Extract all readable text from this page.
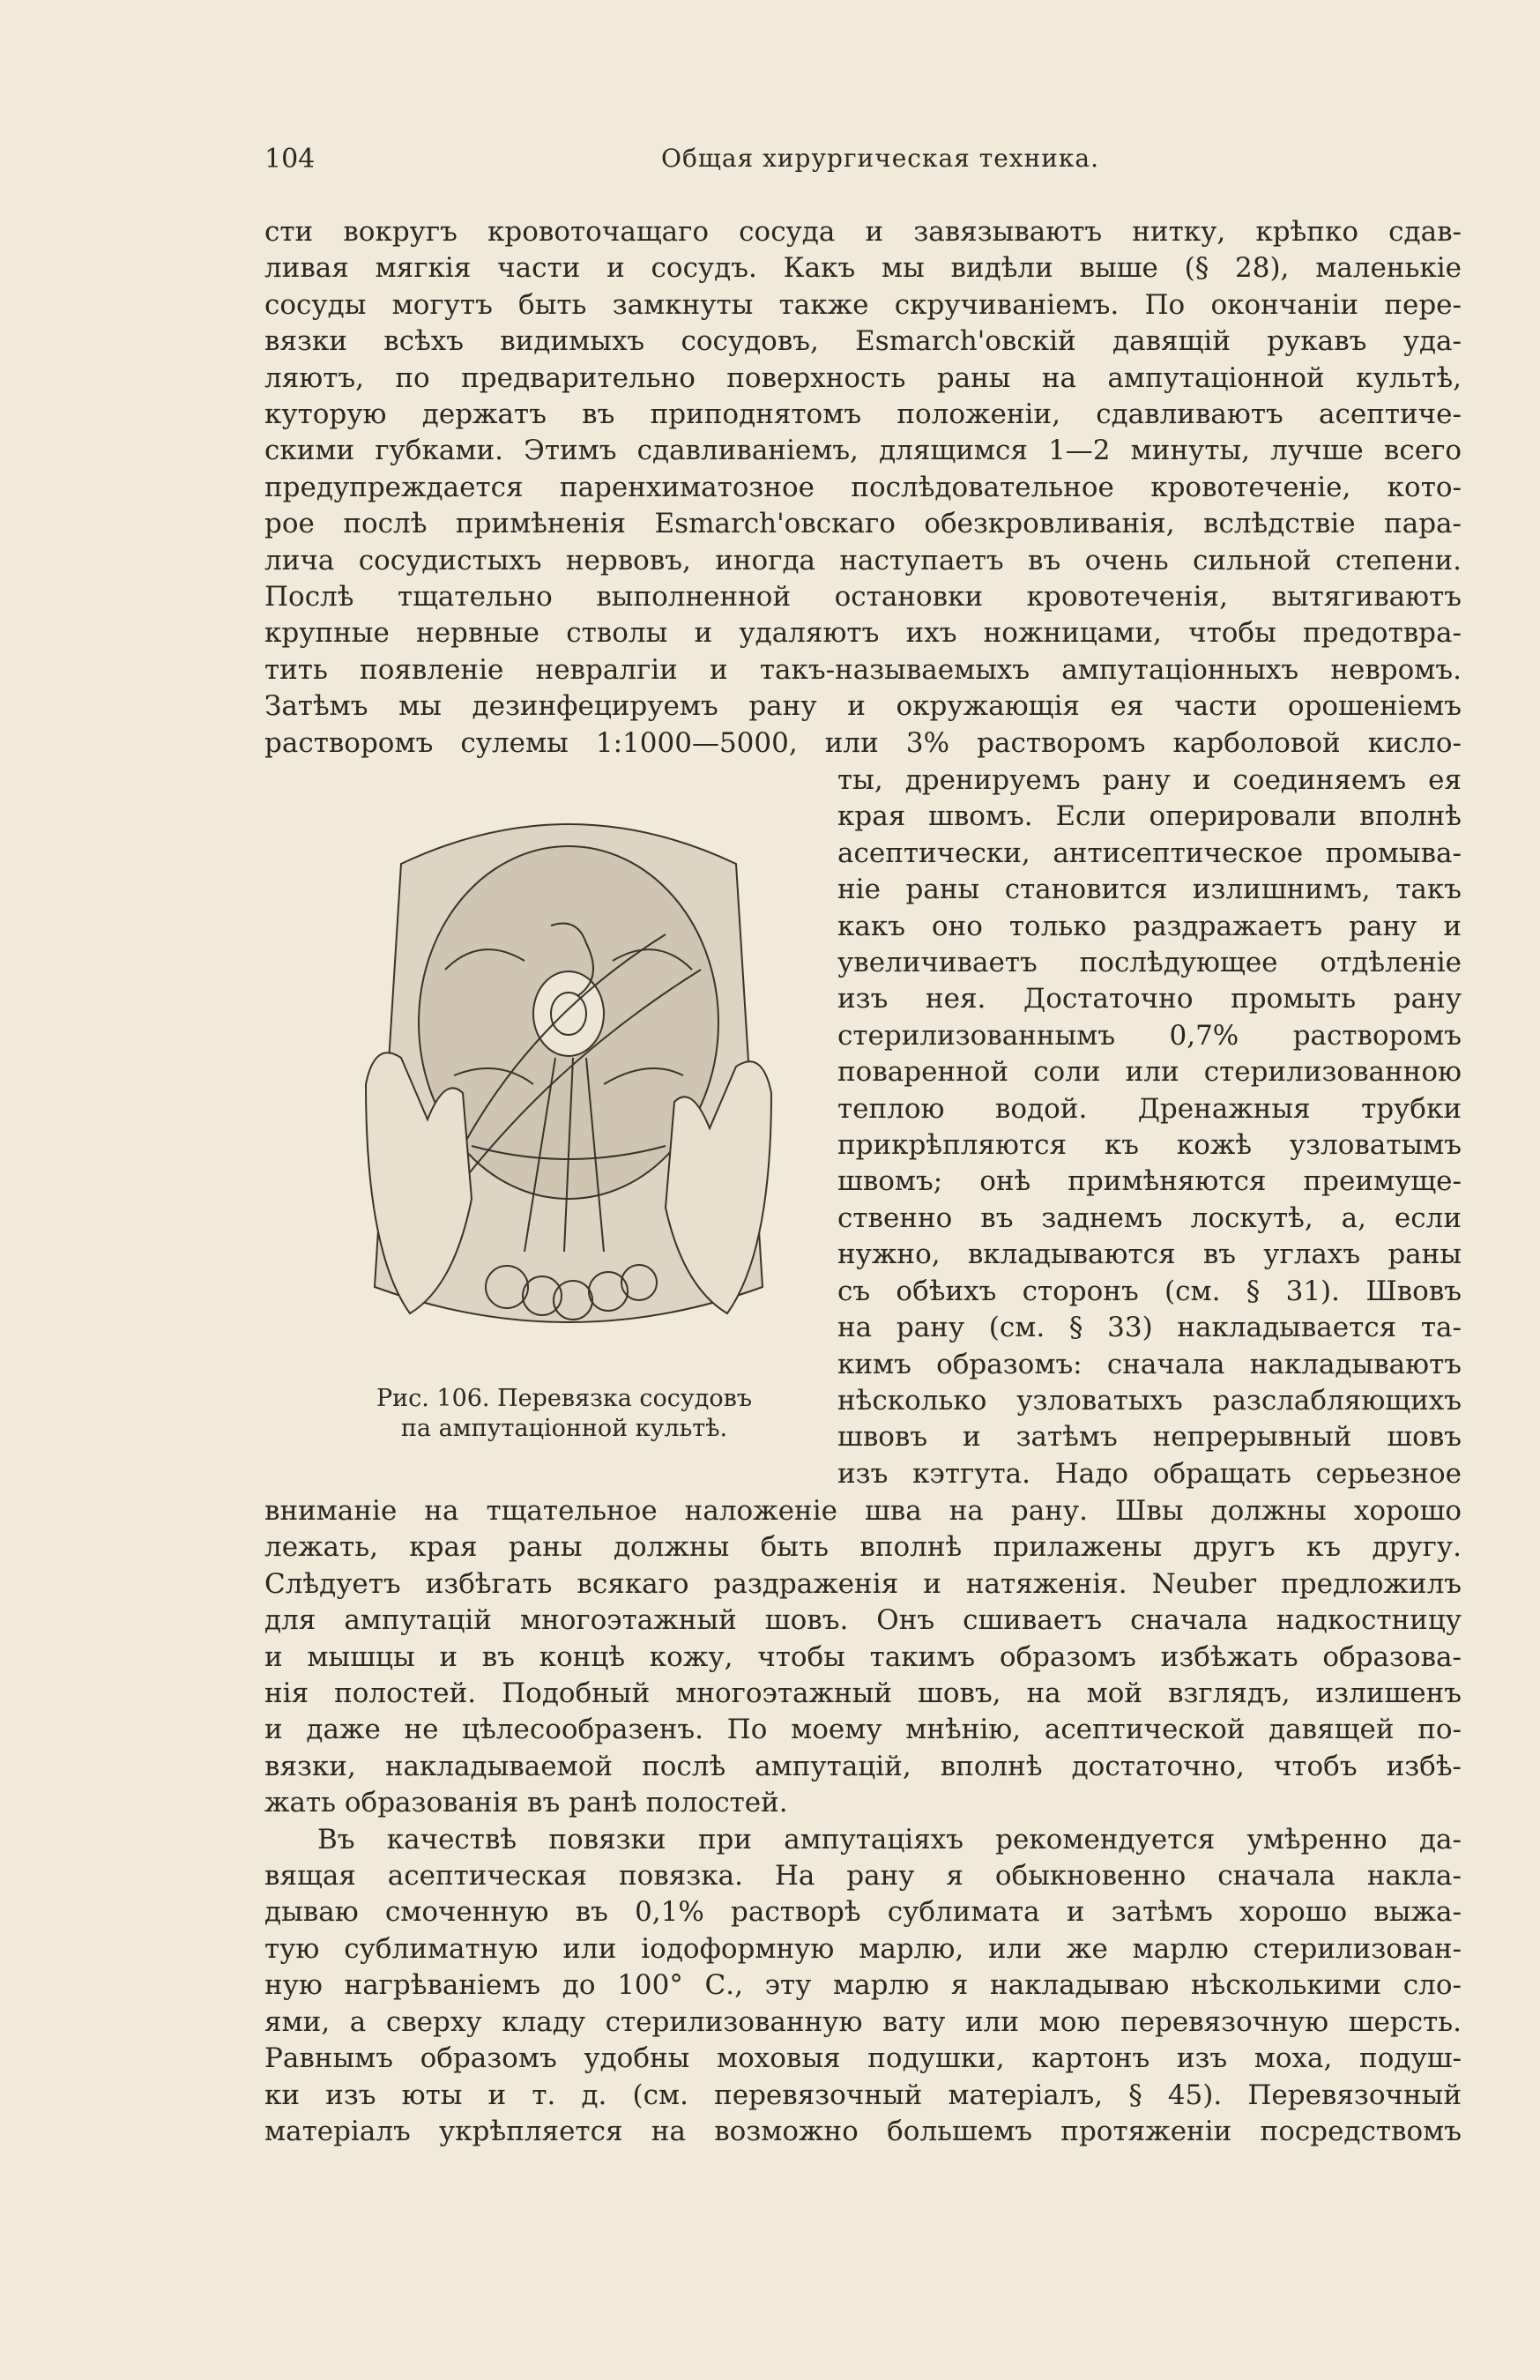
104	Общая хирургическая техника.
сти вокругъ кровоточащаго сосуда и завязываютъ нитку, крѣпко сдав-
ливая мягкія части и сосудъ. Какъ мы видѣли выше (§ 28), маленькіе
сосуды могутъ быть замкнуты также скручиваніемъ. По окончаніи пере-
вязки всѣхъ видимыхъ сосудовъ, Esmarch'овскій давящій рукавъ уда-
ляютъ, по предварительно поверхность раны на ампутаціонной культѣ,
куторую держатъ въ приподнятомъ положеніи, сдавливаютъ асептиче-
скими губками. Этимъ сдавливаніемъ, длящимся 1—2 минуты, лучше всего
предупреждается паренхиматозное послѣдовательное кровотеченіе, кото-
рое послѣ примѣненія Esmarch'овскаго обезкровливанія, вслѣдствіе пара-
лича сосудистыхъ нервовъ, иногда наступаетъ въ очень сильной степени.
Послѣ тщательно выполненной остановки кровотеченія, вытягиваютъ
крупные нервные стволы и удаляютъ ихъ ножницами, чтобы предотвра-
тить появленіе невралгіи и такъ-называемыхъ ампутаціонныхъ невромъ.
Затѣмъ мы дезинфецируемъ рану и окружающія ея части орошеніемъ
растворомъ сулемы 1:1000—5000, или 3% растворомъ карболовой кисло-
ты, дренируемъ рану и соединяемъ ея
края швомъ. Если оперировали вполнѣ
асептически, антисептическое промыва-
ніе раны становится излишнимъ, такъ
какъ оно только раздражаетъ рану и
увеличиваетъ послѣдующее отдѣленіе
изъ нея. Достаточно промыть рану
стерилизованнымъ 0,7% растворомъ
поваренной соли или стерилизованною
теплою водой. Дренажныя трубки
прикрѣпляются къ кожѣ узловатымъ
швомъ; онѣ примѣняются преимуще-
ственно въ заднемъ лоскутѣ, а, если
нужно, вкладываются въ углахъ раны
съ обѣихъ сторонъ (см. § 31). Швовъ
на рану (см. § 33) накладывается та-
кимъ образомъ: сначала накладываютъ
нѣсколько узловатыхъ разслабляющихъ
швовъ и затѣмъ непрерывный шовъ
изъ кэтгута. Надо обращать серьезное
Рис. 106. Перевязка сосудовъ
па ампутаціонной культѣ.
вниманіе на тщательное наложеніе шва на рану. Швы должны хорошо
лежать, края раны должны быть вполнѣ прилажены другъ къ другу.
Слѣдуетъ избѣгать всякаго раздраженія и натяженія. Neuber предложилъ
для ампутацій многоэтажный шовъ. Онъ сшиваетъ сначала надкостницу
и мышцы и въ концѣ кожу, чтобы такимъ образомъ избѣжать образова-
нія полостей. Подобный многоэтажный шовъ, на мой взглядъ, излишенъ
и даже не цѣлесообразенъ. По моему мнѣнію, асептической давящей по-
вязки, накладываемой послѣ ампутацій, вполнѣ достаточно, чтобъ избѣ-
жать образованія въ ранѣ полостей.
Въ качествѣ повязки при ампутаціяхъ рекомендуется умѣренно да-
вящая асептическая повязка. На рану я обыкновенно сначала накла-
дываю смоченную въ 0,1% растворѣ сублимата и затѣмъ хорошо выжа-
тую сублиматную или іодоформную марлю, или же марлю стерилизован-
ную нагрѣваніемъ до 100° С., эту марлю я накладываю нѣсколькими сло-
ями, а сверху кладу стерилизованную вату или мою перевязочную шерсть.
Равнымъ образомъ удобны моховыя подушки, картонъ изъ моха, подуш-
ки изъ юты и т. д. (см. перевязочный матеріалъ, § 45). Перевязочный
матеріалъ укрѣпляется на возможно большемъ протяженіи посредствомъ
